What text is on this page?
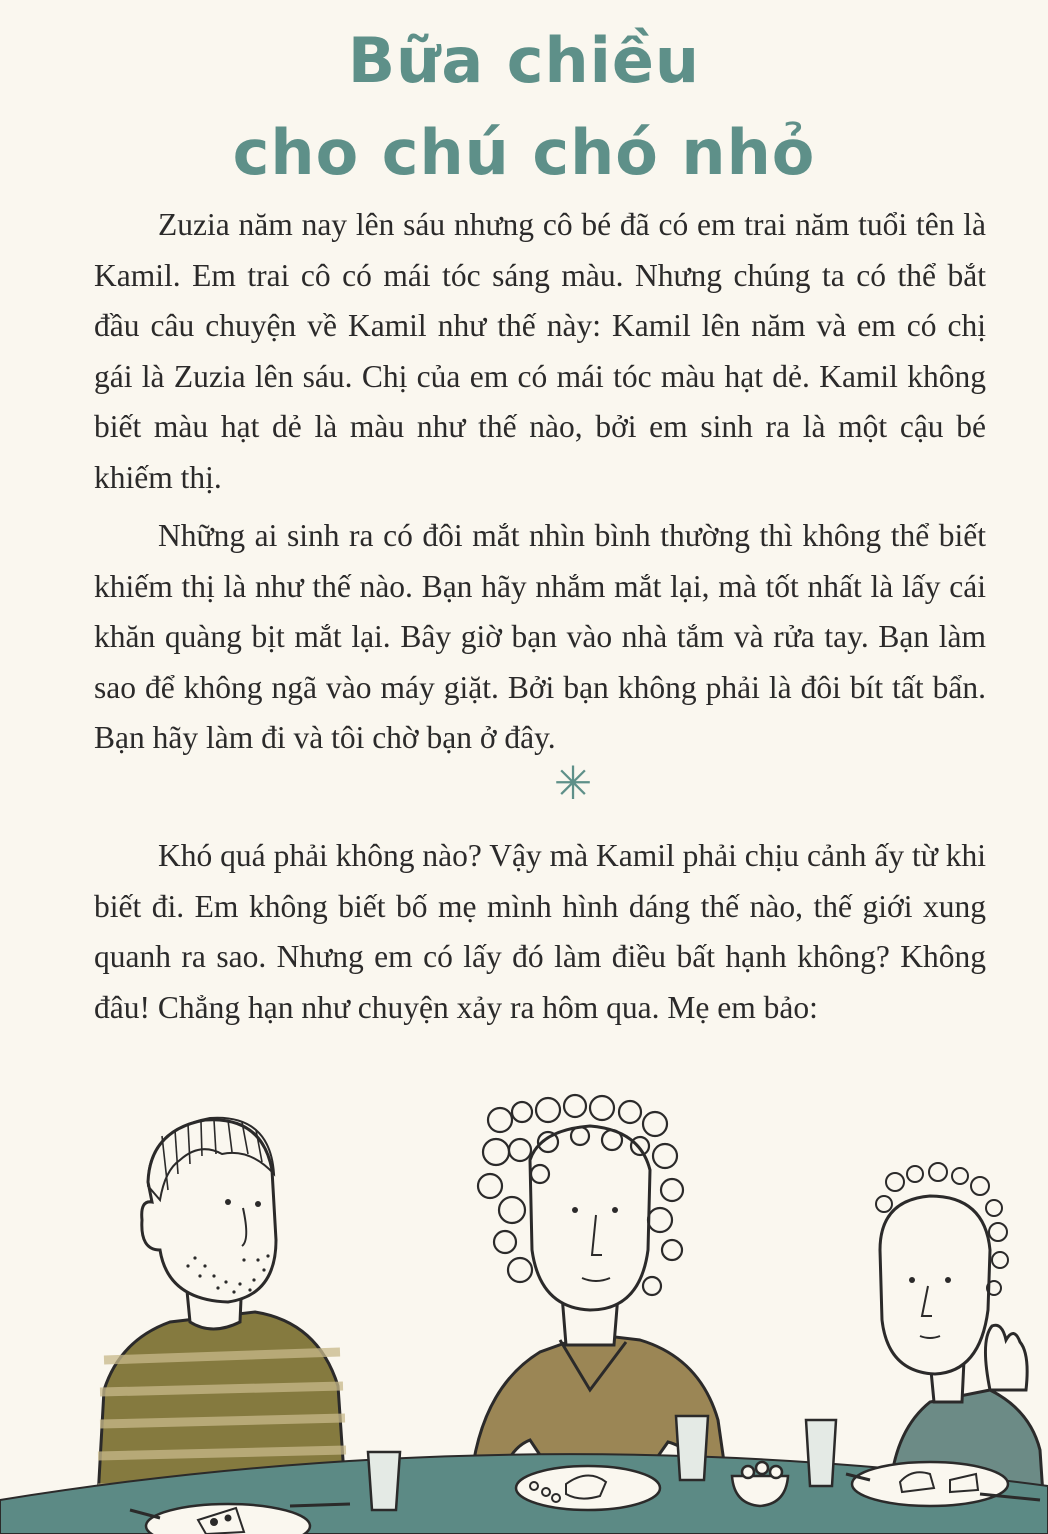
Bữa chiều
cho chú chó nhỏ

Zuzia năm nay lên sáu nhưng cô bé đã có em trai năm tuổi tên là Kamil. Em trai cô có mái tóc sáng màu. Nhưng chúng ta có thể bắt đầu câu chuyện về Kamil như thế này: Kamil lên năm và em có chị gái là Zuzia lên sáu. Chị của em có mái tóc màu hạt dẻ. Kamil không biết màu hạt dẻ là màu như thế nào, bởi em sinh ra là một cậu bé khiếm thị.

Những ai sinh ra có đôi mắt nhìn bình thường thì không thể biết khiếm thị là như thế nào. Bạn hãy nhắm mắt lại, mà tốt nhất là lấy cái khăn quàng bịt mắt lại. Bây giờ bạn vào nhà tắm và rửa tay. Bạn làm sao để không ngã vào máy giặt. Bởi bạn không phải là đôi bít tất bẩn. Bạn hãy làm đi và tôi chờ bạn ở đây.

✳

Khó quá phải không nào? Vậy mà Kamil phải chịu cảnh ấy từ khi biết đi. Em không biết bố mẹ mình hình dáng thế nào, thế giới xung quanh ra sao. Nhưng em có lấy đó làm điều bất hạnh không? Không đâu! Chẳng hạn như chuyện xảy ra hôm qua. Mẹ em bảo:
